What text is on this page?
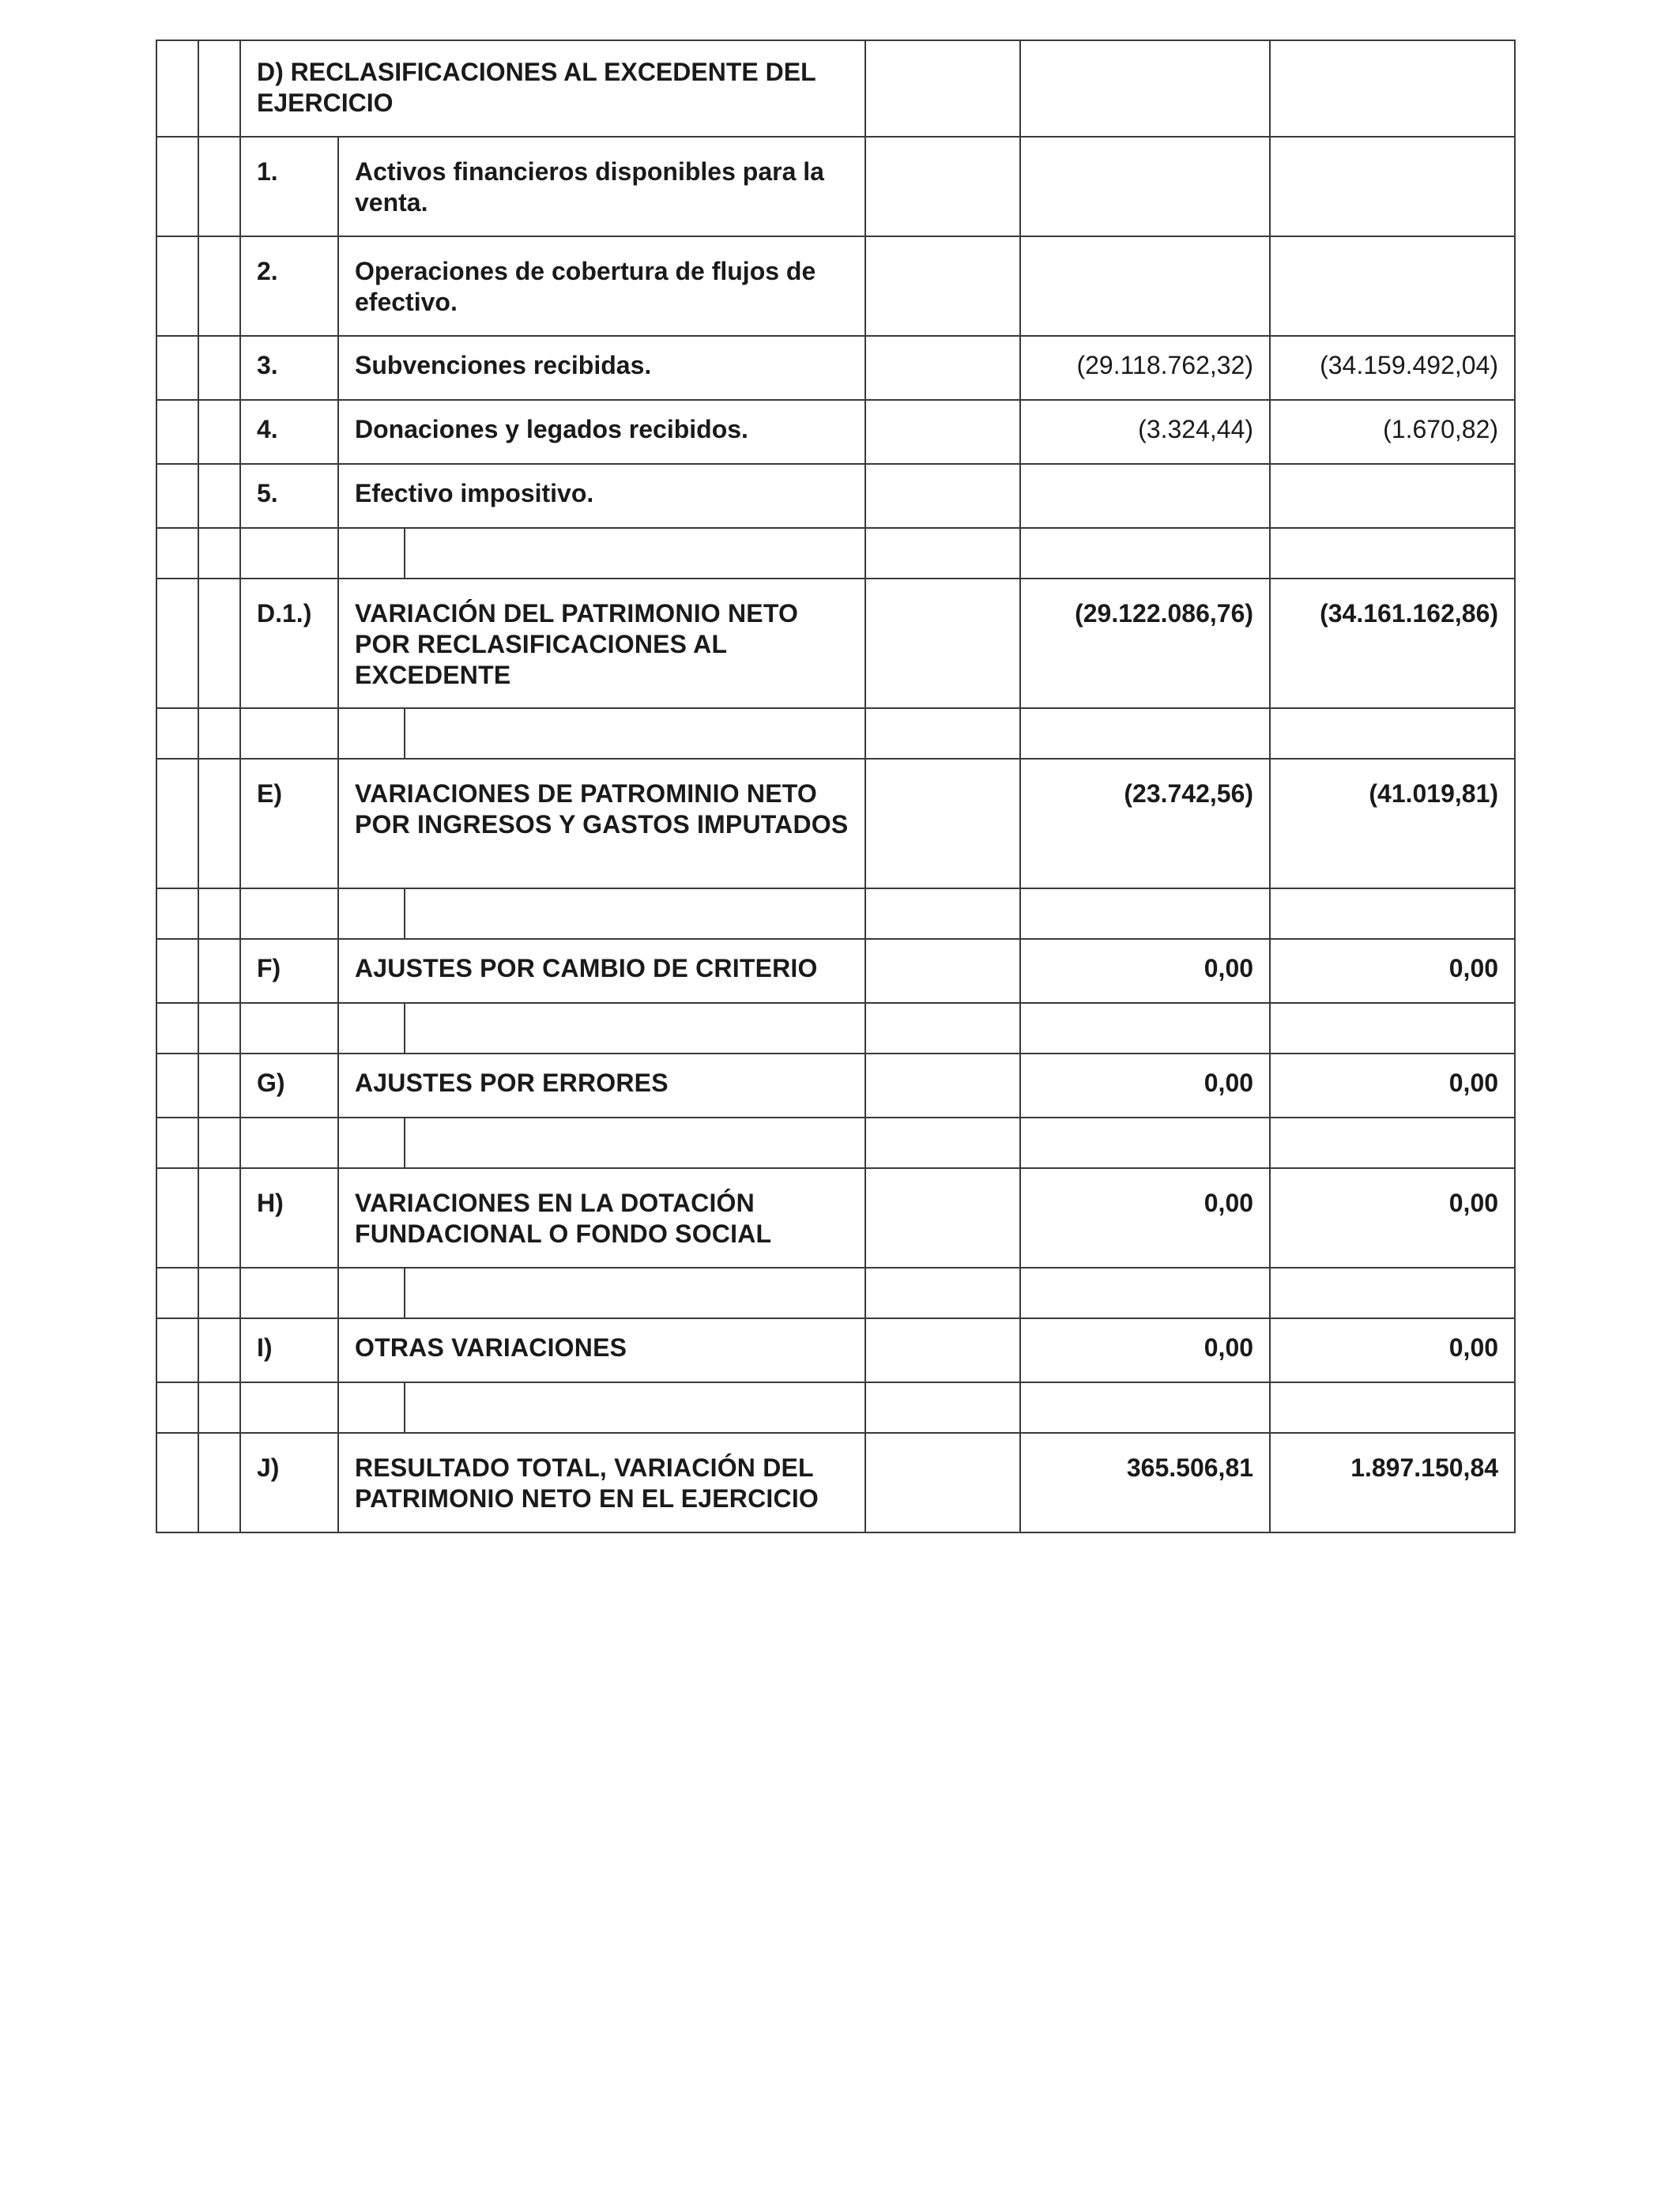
		D) RECLASIFICACIONES AL EXCEDENTE DEL EJERCICIO					
		1.	Activos financieros disponibles para la venta.				
		2.	Operaciones de cobertura de flujos de efectivo.				
		3.	Subvenciones recibidas.			(29.118.762,32)	(34.159.492,04)
		4.	Donaciones y legados recibidos.			(3.324,44)	(1.670,82)
		5.	Efectivo impositivo.				

		D.1.)	VARIACIÓN DEL PATRIMONIO NETO POR RECLASIFICACIONES AL EXCEDENTE			(29.122.086,76)	(34.161.162,86)

		E)	VARIACIONES DE PATROMINIO NETO POR INGRESOS Y GASTOS IMPUTADOS			(23.742,56)	(41.019,81)

		F)	AJUSTES POR CAMBIO DE CRITERIO			0,00	0,00

		G)	AJUSTES POR ERRORES			0,00	0,00

		H)	VARIACIONES EN LA DOTACIÓN FUNDACIONAL O FONDO SOCIAL			0,00	0,00

		I)	OTRAS VARIACIONES			0,00	0,00

		J)	RESULTADO TOTAL, VARIACIÓN DEL PATRIMONIO NETO EN EL EJERCICIO			365.506,81	1.897.150,84
